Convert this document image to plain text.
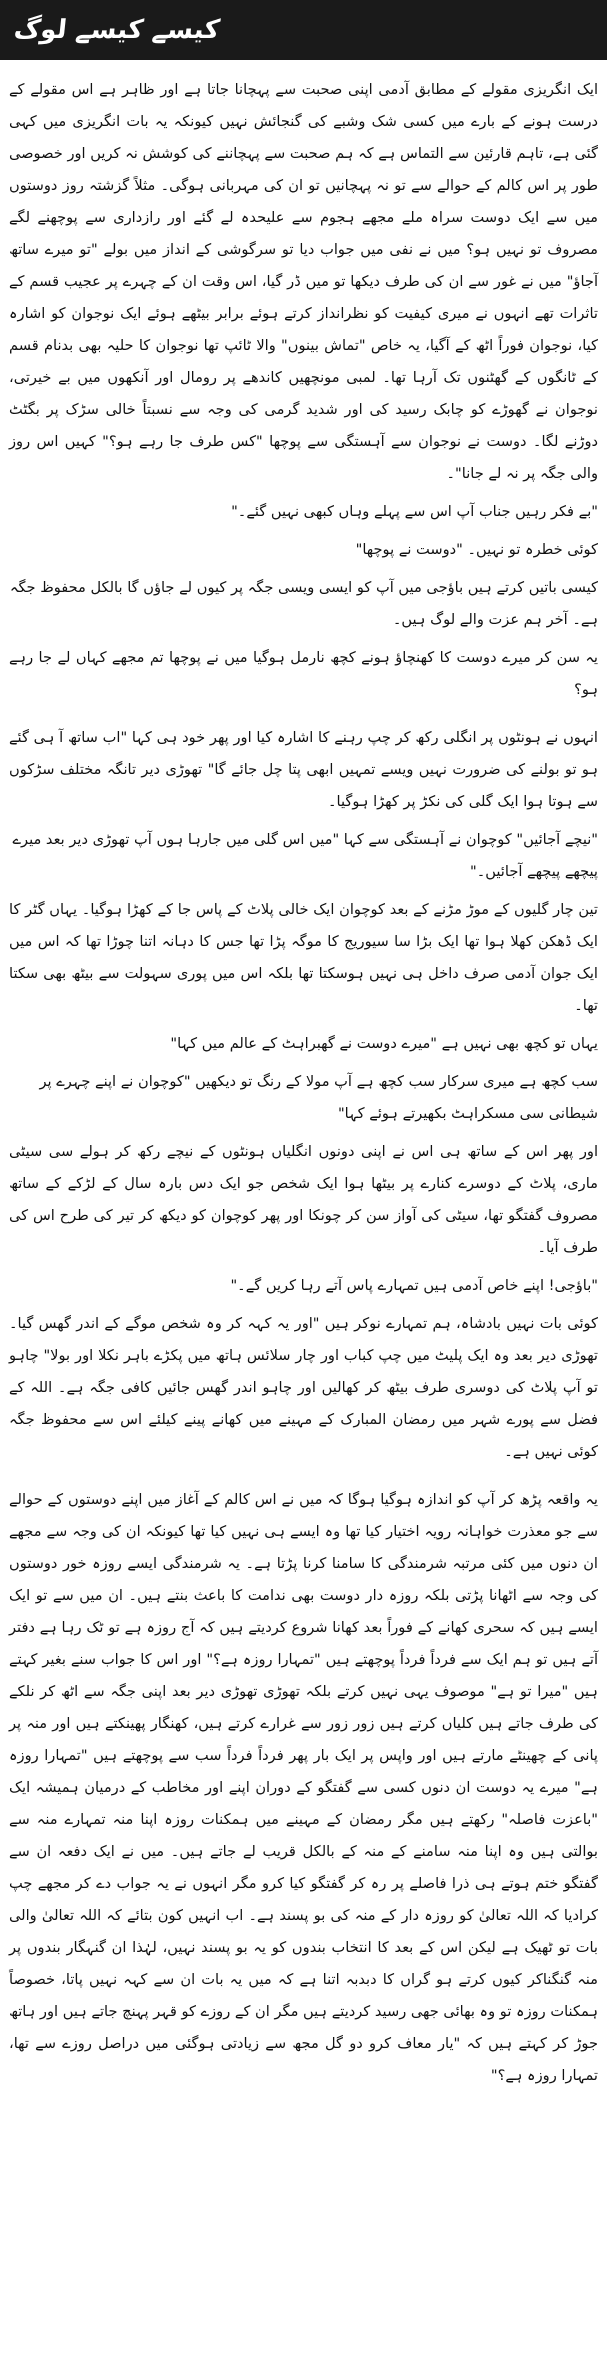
کیسے کیسے لوگ

ایک انگریزی مقولے کے مطابق آدمی اپنی صحبت سے پہچانا جاتا ہے اور ظاہر ہے اس مقولے کے درست ہونے کے بارے میں کسی شک وشبے کی گنجائش نہیں کیونکہ یہ بات انگریزی میں کہی گئی ہے، تاہم قارئین سے التماس ہے کہ ہم صحبت سے پہچاننے کی کوشش نہ کریں اور خصوصی طور پر اس کالم کے حوالے سے تو نہ پہچانیں تو ان کی مہربانی ہوگی۔ مثلاً گزشتہ روز دوستوں میں سے ایک دوست سراہ ملے مجھے ہجوم سے علیحدہ لے گئے اور رازداری سے پوچھنے لگے مصروف تو نہیں ہو؟ میں نے نفی میں جواب دیا تو سرگوشی کے انداز میں بولے "تو میرے ساتھ آجاؤ" میں نے غور سے ان کی طرف دیکھا تو میں ڈر گیا، اس وقت ان کے چہرے پر عجیب قسم کے تاثرات تھے انہوں نے میری کیفیت کو نظرانداز کرتے ہوئے برابر بیٹھے ہوئے ایک نوجوان کو اشارہ کیا، نوجوان فوراً اٹھ کے آگیا، یہ خاص "تماش بینوں" والا ٹائپ تھا نوجوان کا حلیہ بھی بدنام قسم کے ٹانگوں کے گھٹنوں تک آرہا تھا۔ لمبی مونچھیں کاندھے پر رومال اور آنکھوں میں بے خیرتی، نوجوان نے گھوڑے کو چابک رسید کی اور شدید گرمی کی وجہ سے نسبتاً خالی سڑک پر بگٹٹ دوڑنے لگا۔ دوست نے نوجوان سے آہستگی سے پوچھا "کس طرف جا رہے ہو؟" کہیں اس روز والی جگہ پر نہ لے جانا"۔

"بے فکر رہیں جناب آپ اس سے پہلے وہاں کبھی نہیں گئے۔"

کوئی خطرہ تو نہیں۔ "دوست نے پوچھا"

کیسی باتیں کرتے ہیں باؤجی میں آپ کو ایسی ویسی جگہ پر کیوں لے جاؤں گا بالکل محفوظ جگہ ہے۔ آخر ہم عزت والے لوگ ہیں۔

یہ سن کر میرے دوست کا کھنچاؤ ہونے کچھ نارمل ہوگیا میں نے پوچھا تم مجھے کہاں لے جا رہے ہو؟

انہوں نے ہونٹوں پر انگلی رکھ کر چپ رہنے کا اشارہ کیا اور پھر خود ہی کہا "اب ساتھ آ ہی گئے ہو تو بولنے کی ضرورت نہیں ویسے تمہیں ابھی پتا چل جائے گا" تھوڑی دیر تانگہ مختلف سڑکوں سے ہوتا ہوا ایک گلی کی نکڑ پر کھڑا ہوگیا۔

"نیچے آجائیں" کوچوان نے آہستگی سے کہا "میں اس گلی میں جارہا ہوں آپ تھوڑی دیر بعد میرے پیچھے پیچھے آجائیں۔"

تین چار گلیوں کے موڑ مڑنے کے بعد کوچوان ایک خالی پلاٹ کے پاس جا کے کھڑا ہوگیا۔ یہاں گٹر کا ایک ڈھکن کھلا ہوا تھا ایک بڑا سا سیوریج کا موگہ پڑا تھا جس کا دہانہ اتنا چوڑا تھا کہ اس میں ایک جوان آدمی صرف داخل ہی نہیں ہوسکتا تھا بلکہ اس میں پوری سہولت سے بیٹھ بھی سکتا تھا۔

یہاں تو کچھ بھی نہیں ہے "میرے دوست نے گھبراہٹ کے عالم میں کہا"

سب کچھ ہے میری سرکار سب کچھ ہے آپ مولا کے رنگ تو دیکھیں "کوچوان نے اپنے چہرے پر شیطانی سی مسکراہٹ بکھیرتے ہوئے کہا"

اور پھر اس کے ساتھ ہی اس نے اپنی دونوں انگلیاں ہونٹوں کے نیچے رکھ کر ہولے سی سیٹی ماری، پلاٹ کے دوسرے کنارے پر بیٹھا ہوا ایک شخص جو ایک دس بارہ سال کے لڑکے کے ساتھ مصروف گفتگو تھا، سیٹی کی آواز سن کر چونکا اور پھر کوچوان کو دیکھ کر تیر کی طرح اس کی طرف آیا۔

"باؤجی! اپنے خاص آدمی ہیں تمہارے پاس آتے رہا کریں گے۔"

کوئی بات نہیں بادشاہ، ہم تمہارے نوکر ہیں "اور یہ کہہ کر وہ شخص موگے کے اندر گھس گیا۔ تھوڑی دیر بعد وہ ایک پلیٹ میں چپ کباب اور چار سلائس ہاتھ میں پکڑے باہر نکلا اور بولا" چاہو تو آپ پلاٹ کی دوسری طرف بیٹھ کر کھالیں اور چاہو اندر گھس جائیں کافی جگہ ہے۔ اللہ کے فضل سے پورے شہر میں رمضان المبارک کے مہینے میں کھانے پینے کیلئے اس سے محفوظ جگہ کوئی نہیں ہے۔

یہ واقعہ پڑھ کر آپ کو اندازہ ہوگیا ہوگا کہ میں نے اس کالم کے آغاز میں اپنے دوستوں کے حوالے سے جو معذرت خواہانہ رویہ اختیار کیا تھا وہ ایسے ہی نہیں کیا تھا کیونکہ ان کی وجہ سے مجھے ان دنوں میں کئی مرتبہ شرمندگی کا سامنا کرنا پڑتا ہے۔ یہ شرمندگی ایسے روزہ خور دوستوں کی وجہ سے اٹھانا پڑتی بلکہ روزہ دار دوست بھی ندامت کا باعث بنتے ہیں۔ ان میں سے تو ایک ایسے ہیں کہ سحری کھانے کے فوراً بعد کھانا شروع کردیتے ہیں کہ آج روزہ ہے تو ٹک رہا ہے دفتر آتے ہیں تو ہم ایک سے فرداً فرداً پوچھتے ہیں "تمہارا روزہ ہے؟" اور اس کا جواب سنے بغیر کہتے ہیں "میرا تو ہے" موصوف یہی نہیں کرتے بلکہ تھوڑی تھوڑی دیر بعد اپنی جگہ سے اٹھ کر نلکے کی طرف جاتے ہیں کلیاں کرتے ہیں زور زور سے غرارے کرتے ہیں، کھنگار پھینکتے ہیں اور منہ پر پانی کے چھینٹے مارتے ہیں اور واپس پر ایک بار پھر فرداً فرداً سب سے پوچھتے ہیں "تمہارا روزہ ہے" میرے یہ دوست ان دنوں کسی سے گفتگو کے دوران اپنے اور مخاطب کے درمیان ہمیشہ ایک "باعزت فاصلہ" رکھتے ہیں مگر رمضان کے مہینے میں ہمکنات روزہ اپنا منہ تمہارے منہ سے بوالتی ہیں وہ اپنا منہ سامنے کے منہ کے بالکل قریب لے جاتے ہیں۔ میں نے ایک دفعہ ان سے گفتگو ختم ہوتے ہی ذرا فاصلے پر رہ کر گفتگو کیا کرو مگر انہوں نے یہ جواب دے کر مجھے چپ کرادیا کہ اللہ تعالیٰ کو روزہ دار کے منہ کی بو پسند ہے۔ اب انہیں کون بتائے کہ اللہ تعالیٰ والی بات تو ٹھیک ہے لیکن اس کے بعد کا انتخاب بندوں کو یہ بو پسند نہیں، لہٰذا ان گنہگار بندوں پر منہ گنگناکر کیوں کرتے ہو گراں کا دبدبہ اتنا ہے کہ میں یہ بات ان سے کہہ نہیں پاتا، خصوصاً ہمکنات روزہ تو وہ بھائی جھی رسید کردیتے ہیں مگر ان کے روزے کو قہر پہنچ جاتے ہیں اور ہاتھ جوڑ کر کہتے ہیں کہ "یار معاف کرو دو گل مجھ سے زیادتی ہوگئی میں دراصل روزے سے تھا، تمہارا روزہ ہے؟"
